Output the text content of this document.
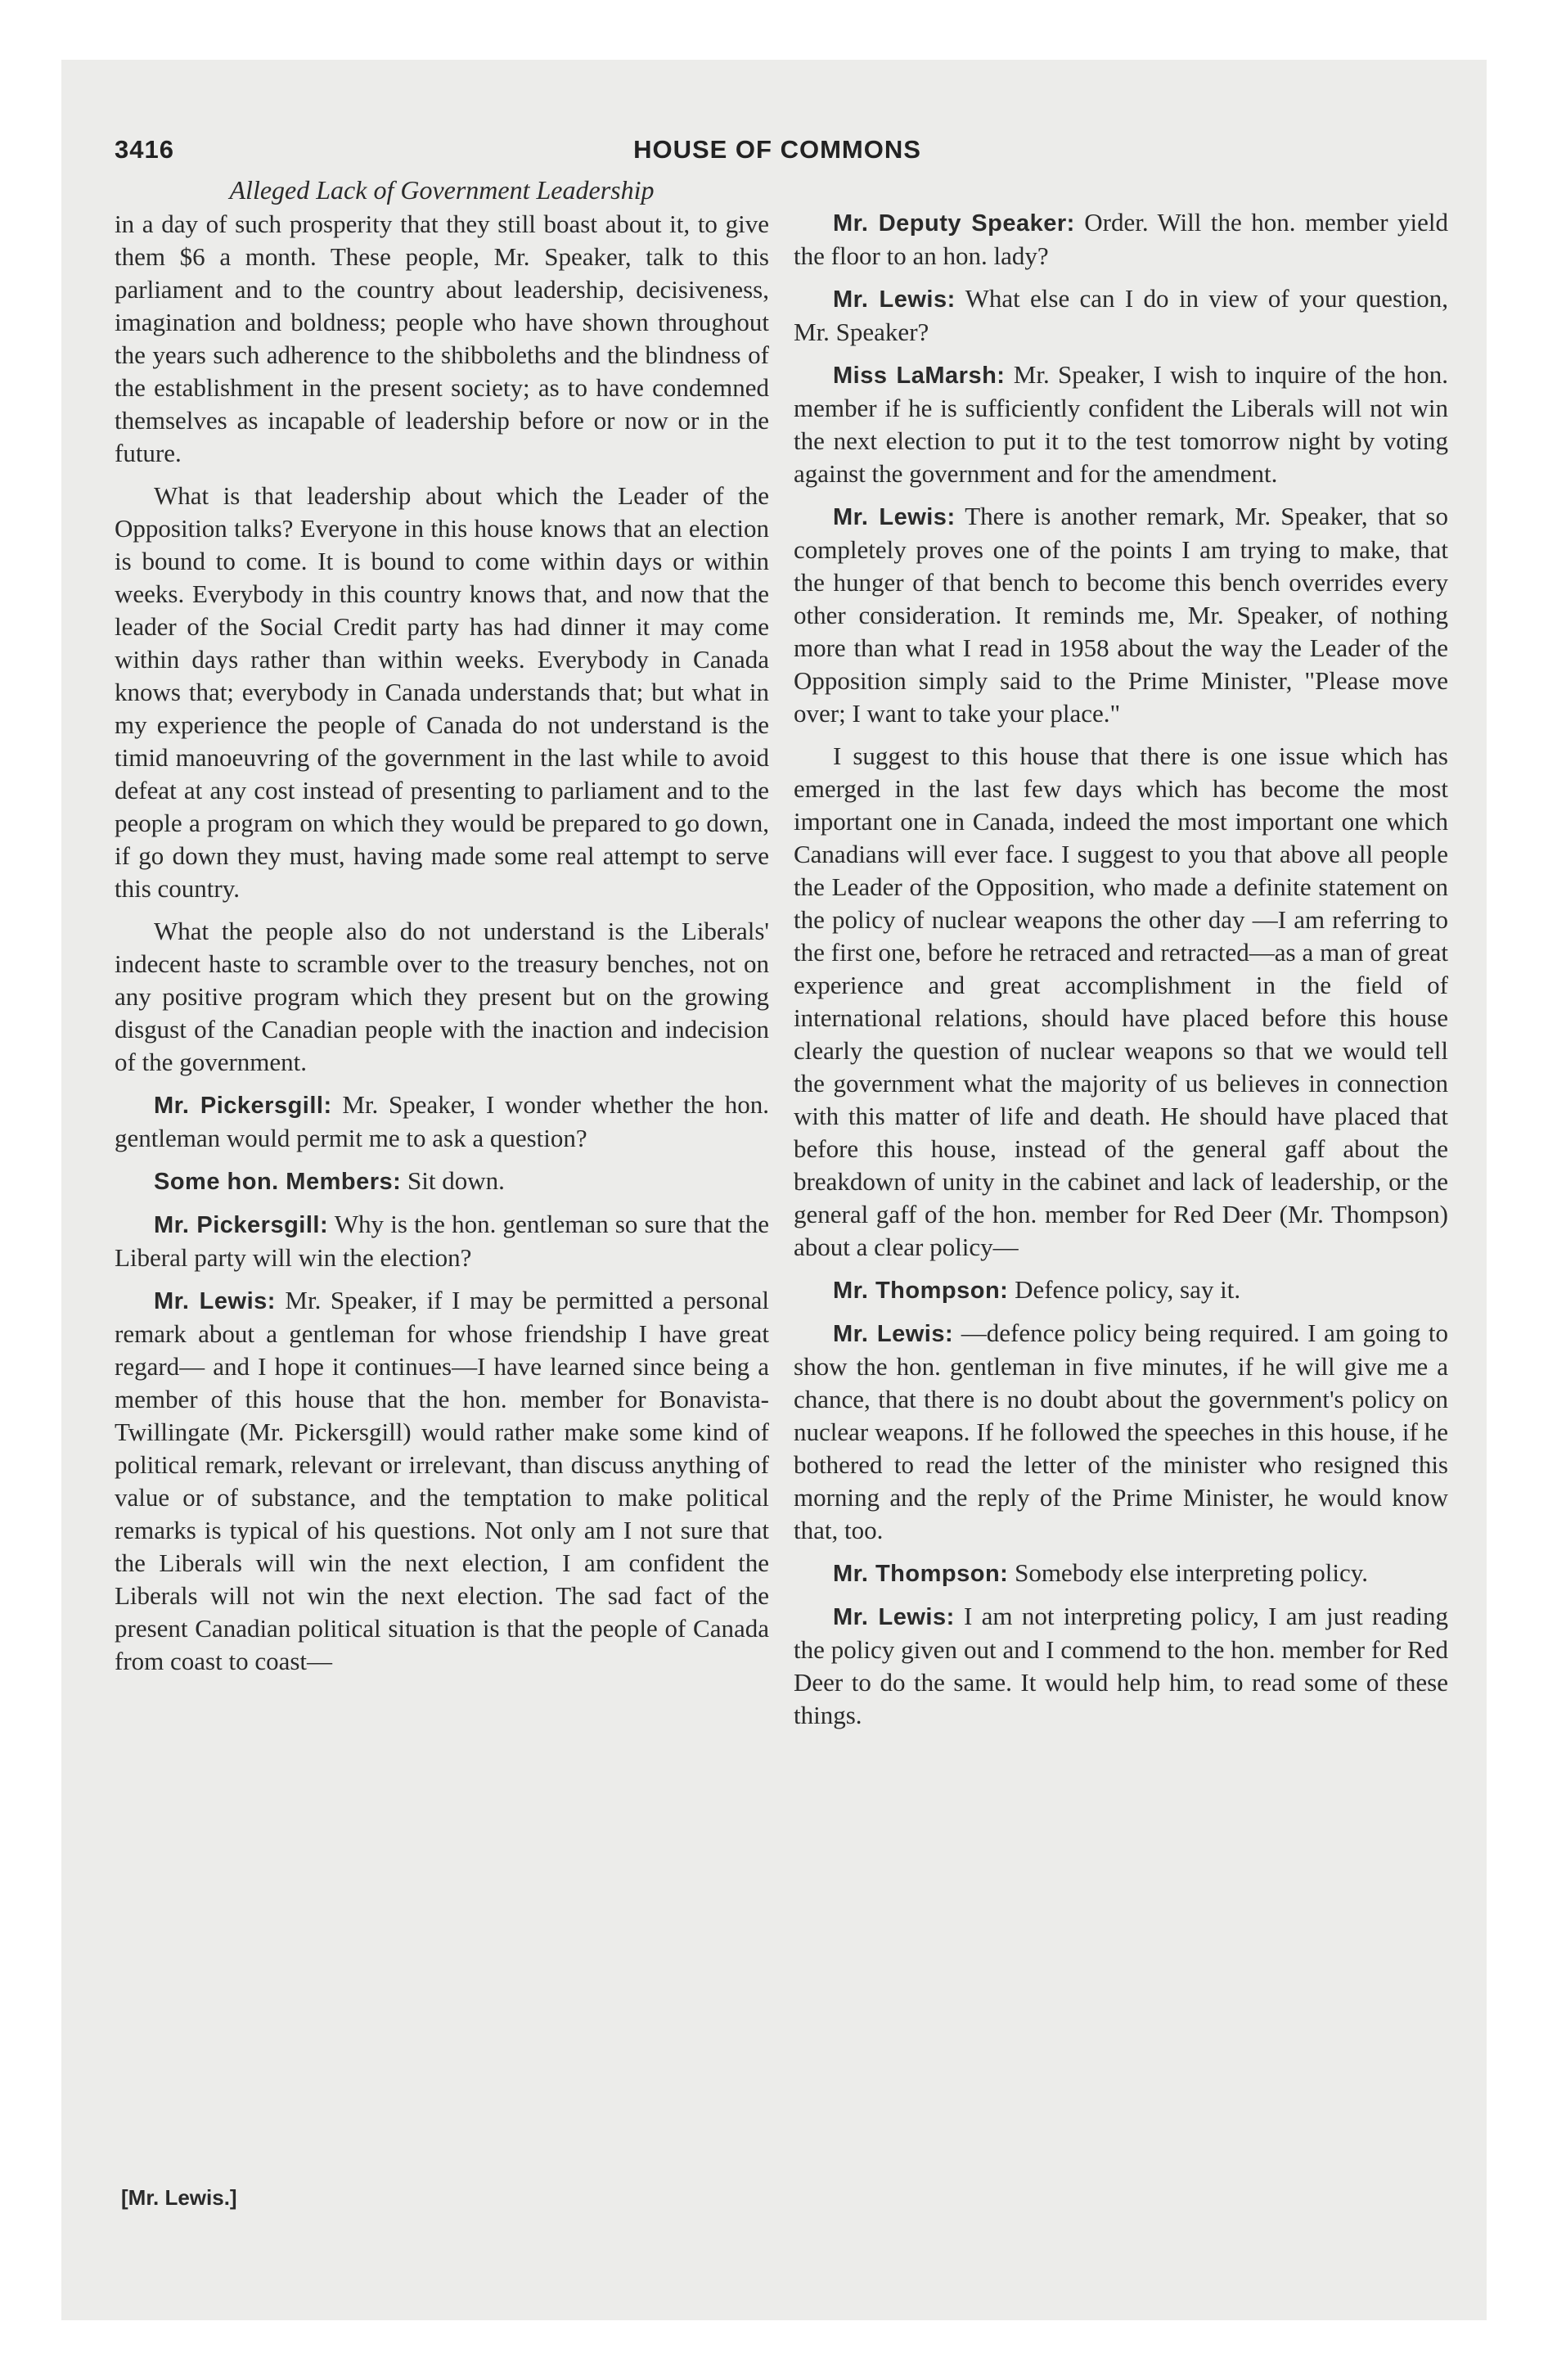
3416	HOUSE OF COMMONS
Alleged Lack of Government Leadership

in a day of such prosperity that they still boast about it, to give them $6 a month. These people, Mr. Speaker, talk to this parliament and to the country about leadership, decisiveness, imagination and boldness; people who have shown throughout the years such adherence to the shibboleths and the blindness of the establishment in the present society; as to have condemned themselves as incapable of leadership before or now or in the future.

What is that leadership about which the Leader of the Opposition talks? Everyone in this house knows that an election is bound to come. It is bound to come within days or within weeks. Everybody in this country knows that, and now that the leader of the Social Credit party has had dinner it may come within days rather than within weeks. Everybody in Canada knows that; everybody in Canada understands that; but what in my experience the people of Canada do not understand is the timid manoeuvring of the government in the last while to avoid defeat at any cost instead of presenting to parliament and to the people a program on which they would be prepared to go down, if go down they must, having made some real attempt to serve this country.

What the people also do not understand is the Liberals' indecent haste to scramble over to the treasury benches, not on any positive program which they present but on the growing disgust of the Canadian people with the inaction and indecision of the government.

Mr. Pickersgill: Mr. Speaker, I wonder whether the hon. gentleman would permit me to ask a question?

Some hon. Members: Sit down.

Mr. Pickersgill: Why is the hon. gentleman so sure that the Liberal party will win the election?

Mr. Lewis: Mr. Speaker, if I may be permitted a personal remark about a gentleman for whose friendship I have great regard— and I hope it continues—I have learned since being a member of this house that the hon. member for Bonavista-Twillingate (Mr. Pickersgill) would rather make some kind of political remark, relevant or irrelevant, than discuss anything of value or of substance, and the temptation to make political remarks is typical of his questions. Not only am I not sure that the Liberals will win the next election, I am confident the Liberals will not win the next election. The sad fact of the present Canadian political situation is that the people of Canada from coast to coast—

Mr. Deputy Speaker: Order. Will the hon. member yield the floor to an hon. lady?

Mr. Lewis: What else can I do in view of your question, Mr. Speaker?

Miss LaMarsh: Mr. Speaker, I wish to inquire of the hon. member if he is sufficiently confident the Liberals will not win the next election to put it to the test tomorrow night by voting against the government and for the amendment.

Mr. Lewis: There is another remark, Mr. Speaker, that so completely proves one of the points I am trying to make, that the hunger of that bench to become this bench overrides every other consideration. It reminds me, Mr. Speaker, of nothing more than what I read in 1958 about the way the Leader of the Opposition simply said to the Prime Minister, "Please move over; I want to take your place."

I suggest to this house that there is one issue which has emerged in the last few days which has become the most important one in Canada, indeed the most important one which Canadians will ever face. I suggest to you that above all people the Leader of the Opposition, who made a definite statement on the policy of nuclear weapons the other day —I am referring to the first one, before he retraced and retracted—as a man of great experience and great accomplishment in the field of international relations, should have placed before this house clearly the question of nuclear weapons so that we would tell the government what the majority of us believes in connection with this matter of life and death. He should have placed that before this house, instead of the general gaff about the breakdown of unity in the cabinet and lack of leadership, or the general gaff of the hon. member for Red Deer (Mr. Thompson) about a clear policy—

Mr. Thompson: Defence policy, say it.

Mr. Lewis: —defence policy being required. I am going to show the hon. gentleman in five minutes, if he will give me a chance, that there is no doubt about the government's policy on nuclear weapons. If he followed the speeches in this house, if he bothered to read the letter of the minister who resigned this morning and the reply of the Prime Minister, he would know that, too.

Mr. Thompson: Somebody else interpreting policy.

Mr. Lewis: I am not interpreting policy, I am just reading the policy given out and I commend to the hon. member for Red Deer to do the same. It would help him, to read some of these things.

[Mr. Lewis.]
